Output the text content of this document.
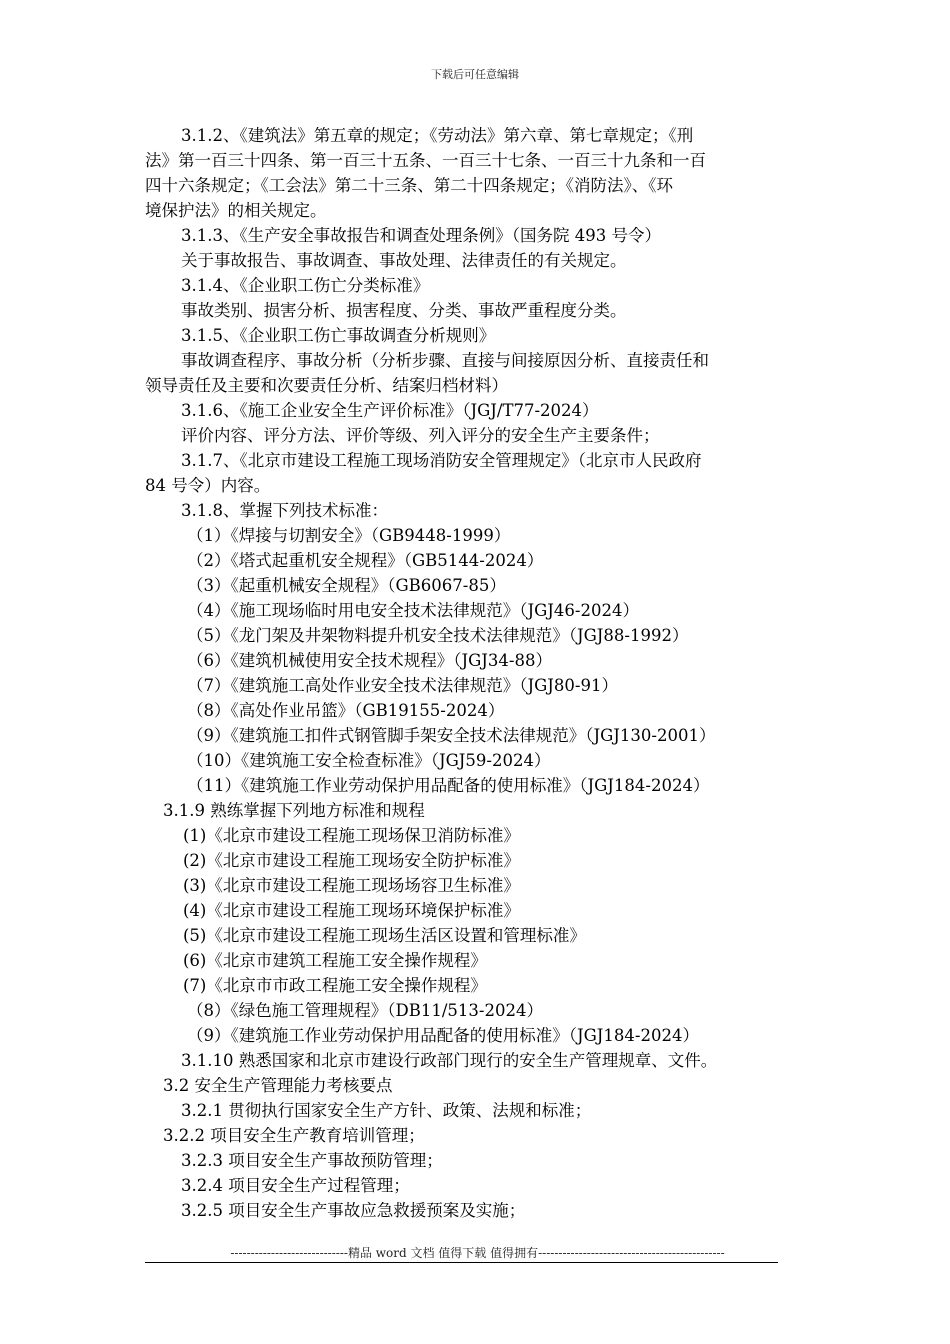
下载后可任意编辑
3.1.2、《建筑法》第五章的规定；《劳动法》第六章、第七章规定；《刑
法》第一百三十四条、第一百三十五条、一百三十七条、一百三十九条和一百
四十六条规定；《工会法》第二十三条、第二十四条规定；《消防法》、《环
境保护法》的相关规定。
3.1.3、《生产安全事故报告和调查处理条例》（国务院 493 号令）
关于事故报告、事故调查、事故处理、法律责任的有关规定。
3.1.4、《企业职工伤亡分类标准》
事故类别、损害分析、损害程度、分类、事故严重程度分类。
3.1.5、《企业职工伤亡事故调查分析规则》
事故调查程序、事故分析（分析步骤、直接与间接原因分析、直接责任和
领导责任及主要和次要责任分析、结案归档材料）
3.1.6、《施工企业安全生产评价标准》（JGJ/T77-2024）
评价内容、评分方法、评价等级、列入评分的安全生产主要条件；
3.1.7、《北京市建设工程施工现场消防安全管理规定》（北京市人民政府
84 号令）内容。
3.1.8、掌握下列技术标准：
（1）《焊接与切割安全》（GB9448-1999）
（2）《塔式起重机安全规程》（GB5144-2024）
（3）《起重机械安全规程》（GB6067-85）
（4）《施工现场临时用电安全技术法律规范》（JGJ46-2024）
（5）《龙门架及井架物料提升机安全技术法律规范》（JGJ88-1992）
（6）《建筑机械使用安全技术规程》（JGJ34-88）
（7）《建筑施工高处作业安全技术法律规范》（JGJ80-91）
（8）《高处作业吊篮》（GB19155-2024）
（9）《建筑施工扣件式钢管脚手架安全技术法律规范》（JGJ130-2001）
（10）《建筑施工安全检查标准》（JGJ59-2024）
（11）《建筑施工作业劳动保护用品配备的使用标准》（JGJ184-2024）
3.1.9 熟练掌握下列地方标准和规程
(1)《北京市建设工程施工现场保卫消防标准》
(2)《北京市建设工程施工现场安全防护标准》
(3)《北京市建设工程施工现场场容卫生标准》
(4)《北京市建设工程施工现场环境保护标准》
(5)《北京市建设工程施工现场生活区设置和管理标准》
(6)《北京市建筑工程施工安全操作规程》
(7)《北京市市政工程施工安全操作规程》
（8）《绿色施工管理规程》（DB11/513-2024）
（9）《建筑施工作业劳动保护用品配备的使用标准》（JGJ184-2024）
3.1.10 熟悉国家和北京市建设行政部门现行的安全生产管理规章、文件。
3.2 安全生产管理能力考核要点
3.2.1 贯彻执行国家安全生产方针、政策、法规和标准；
3.2.2 项目安全生产教育培训管理；
3.2.3 项目安全生产事故预防管理；
3.2.4 项目安全生产过程管理；
3.2.5 项目安全生产事故应急救援预案及实施；
-----------------------------精品 word 文档 值得下载 值得拥有----------------------------------------------
